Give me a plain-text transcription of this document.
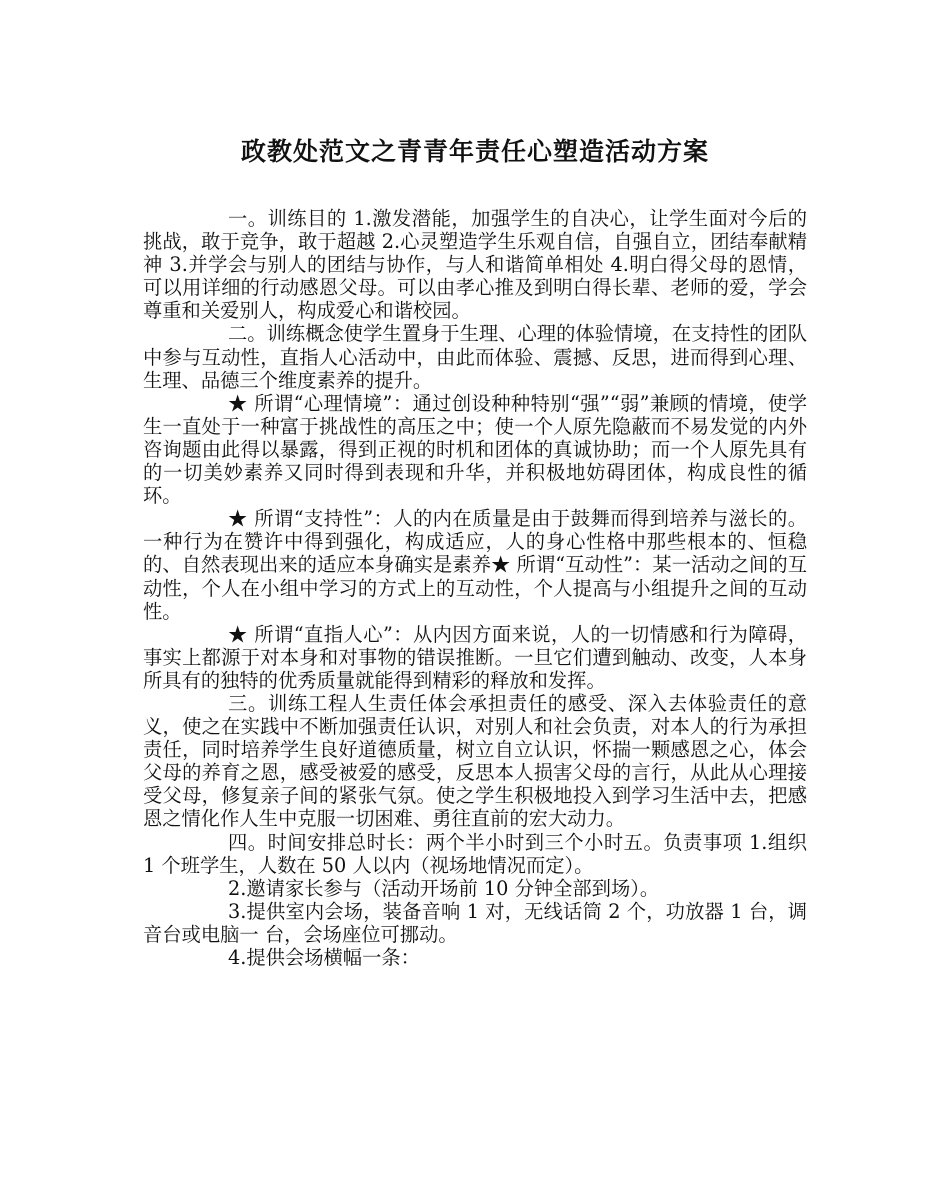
政教处范文之青青年责任心塑造活动方案

一。训练目的 1.激发潜能，加强学生的自决心，让学生面对今后的挑战，敢于竞争，敢于超越 2.心灵塑造学生乐观自信，自强自立，团结奉献精神 3.并学会与别人的团结与协作，与人和谐简单相处 4.明白得父母的恩情，可以用详细的行动感恩父母。可以由孝心推及到明白得长辈、老师的爱，学会尊重和关爱别人，构成爱心和谐校园。

二。训练概念使学生置身于生理、心理的体验情境，在支持性的团队中参与互动性，直指人心活动中，由此而体验、震撼、反思，进而得到心理、生理、品德三个维度素养的提升。

★ 所谓“心理情境”：通过创设种种特别“强”“弱”兼顾的情境，使学生一直处于一种富于挑战性的高压之中；使一个人原先隐蔽而不易发觉的内外咨询题由此得以暴露，得到正视的时机和团体的真诚协助；而一个人原先具有的一切美妙素养又同时得到表现和升华，并积极地妨碍团体，构成良性的循环。

★ 所谓“支持性”：人的内在质量是由于鼓舞而得到培养与滋长的。一种行为在赞许中得到强化，构成适应，人的身心性格中那些根本的、恒稳的、自然表现出来的适应本身确实是素养★ 所谓“互动性”：某一活动之间的互动性，个人在小组中学习的方式上的互动性，个人提高与小组提升之间的互动性。

★ 所谓“直指人心”：从内因方面来说，人的一切情感和行为障碍，事实上都源于对本身和对事物的错误推断。一旦它们遭到触动、改变，人本身所具有的独特的优秀质量就能得到精彩的释放和发挥。

三。训练工程人生责任体会承担责任的感受、深入去体验责任的意义，使之在实践中不断加强责任认识，对别人和社会负责，对本人的行为承担责任，同时培养学生良好道德质量，树立自立认识，怀揣一颗感恩之心，体会父母的养育之恩，感受被爱的感受，反思本人损害父母的言行，从此从心理接受父母，修复亲子间的紧张气氛。使之学生积极地投入到学习生活中去，把感恩之情化作人生中克服一切困难、勇往直前的宏大动力。

四。时间安排总时长：两个半小时到三个小时五。负责事项 1.组织 1 个班学生，人数在 50 人以内（视场地情况而定）。

2.邀请家长参与（活动开场前 10 分钟全部到场）。

3.提供室内会场，装备音响 1 对，无线话筒 2 个，功放器 1 台，调音台或电脑一 台，会场座位可挪动。

4.提供会场横幅一条：
